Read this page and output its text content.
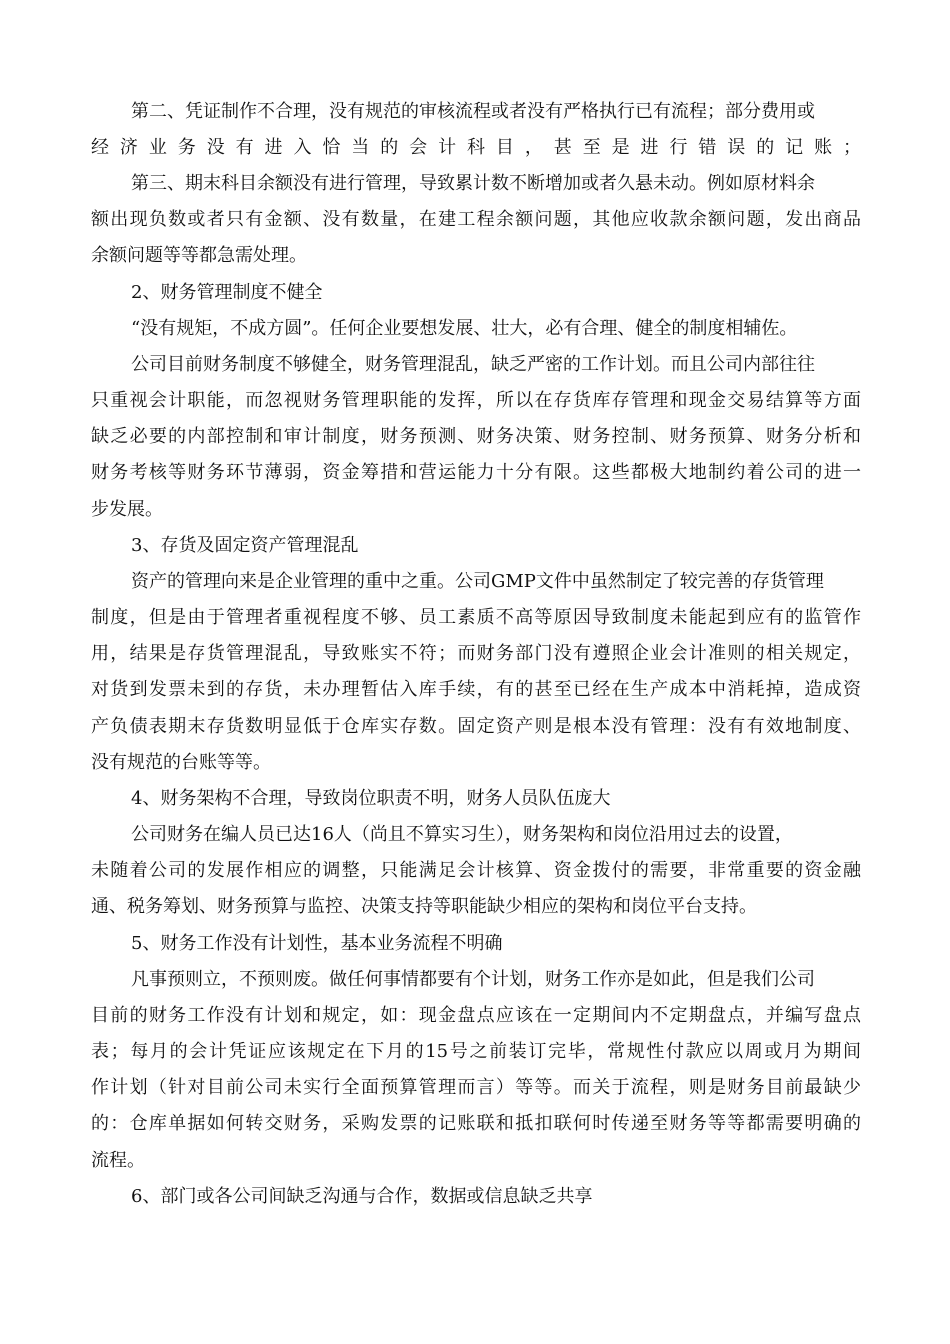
第二、凭证制作不合理，没有规范的审核流程或者没有严格执行已有流程；部分费用或
经济业务没有进入恰当的会计科目，甚至是进行错误的记账；
第三、期末科目余额没有进行管理，导致累计数不断增加或者久悬未动。例如原材料余
额出现负数或者只有金额、没有数量，在建工程余额问题，其他应收款余额问题，发出商品
余额问题等等都急需处理。
2、财务管理制度不健全
“没有规矩，不成方圆”。任何企业要想发展、壮大，必有合理、健全的制度相辅佐。
公司目前财务制度不够健全，财务管理混乱，缺乏严密的工作计划。而且公司内部往往
只重视会计职能，而忽视财务管理职能的发挥，所以在存货库存管理和现金交易结算等方面
缺乏必要的内部控制和审计制度，财务预测、财务决策、财务控制、财务预算、财务分析和
财务考核等财务环节薄弱，资金筹措和营运能力十分有限。这些都极大地制约着公司的进一
步发展。
3、存货及固定资产管理混乱
资产的管理向来是企业管理的重中之重。公司GMP文件中虽然制定了较完善的存货管理
制度，但是由于管理者重视程度不够、员工素质不高等原因导致制度未能起到应有的监管作
用，结果是存货管理混乱，导致账实不符；而财务部门没有遵照企业会计准则的相关规定，
对货到发票未到的存货，未办理暂估入库手续，有的甚至已经在生产成本中消耗掉，造成资
产负债表期末存货数明显低于仓库实存数。固定资产则是根本没有管理：没有有效地制度、
没有规范的台账等等。
4、财务架构不合理，导致岗位职责不明，财务人员队伍庞大
公司财务在编人员已达16人（尚且不算实习生），财务架构和岗位沿用过去的设置，
未随着公司的发展作相应的调整，只能满足会计核算、资金拨付的需要，非常重要的资金融
通、税务筹划、财务预算与监控、决策支持等职能缺少相应的架构和岗位平台支持。
5、财务工作没有计划性，基本业务流程不明确
凡事预则立，不预则废。做任何事情都要有个计划，财务工作亦是如此，但是我们公司
目前的财务工作没有计划和规定，如：现金盘点应该在一定期间内不定期盘点，并编写盘点
表；每月的会计凭证应该规定在下月的15号之前装订完毕，常规性付款应以周或月为期间
作计划（针对目前公司未实行全面预算管理而言）等等。而关于流程，则是财务目前最缺少
的：仓库单据如何转交财务，采购发票的记账联和抵扣联何时传递至财务等等都需要明确的
流程。
6、部门或各公司间缺乏沟通与合作，数据或信息缺乏共享
